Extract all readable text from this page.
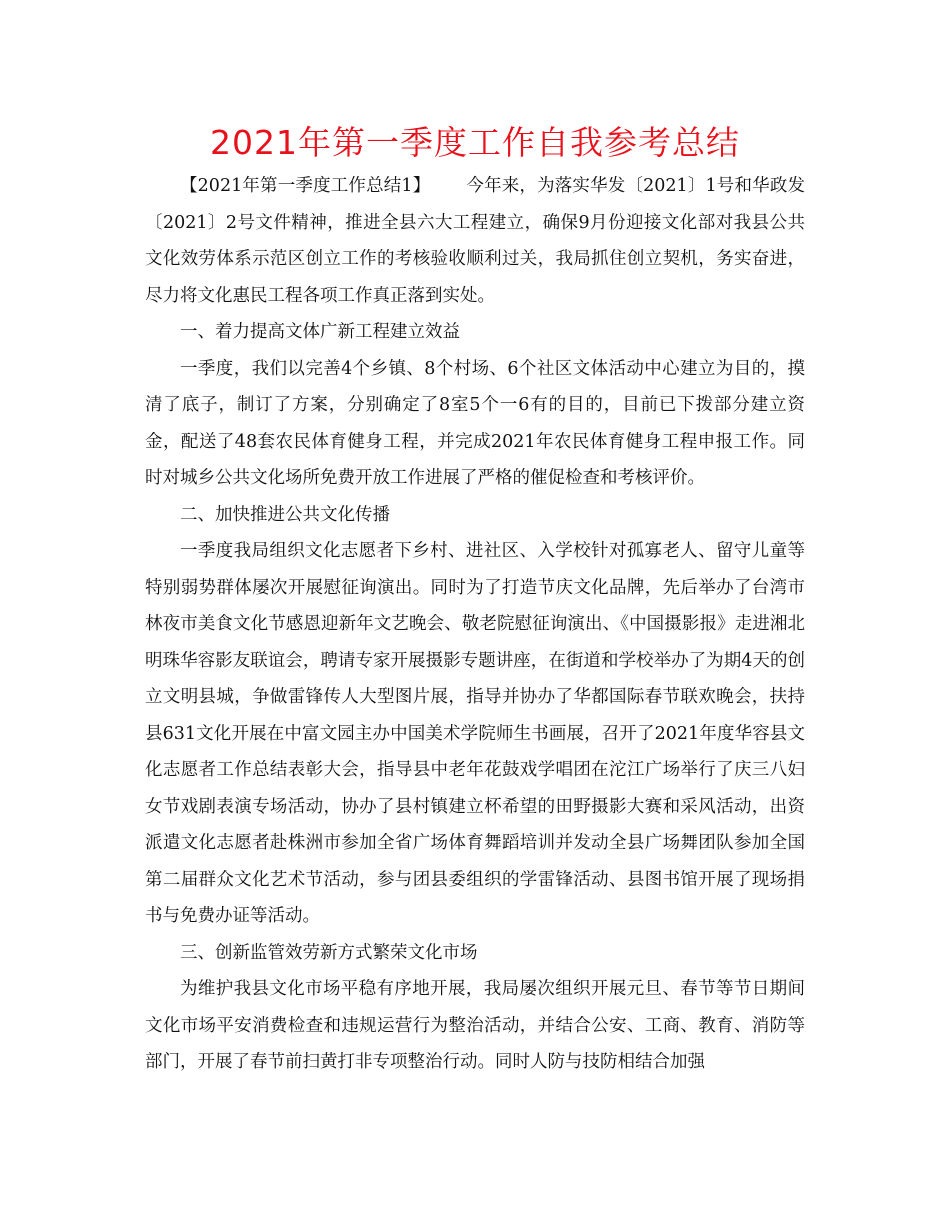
2021年第一季度工作自我参考总结

【2021年第一季度工作总结1】 今年来，为落实华发〔2021〕1号和华政发〔2021〕2号文件精神，推进全县六大工程建立，确保9月份迎接文化部对我县公共文化效劳体系示范区创立工作的考核验收顺利过关，我局抓住创立契机，务实奋进，尽力将文化惠民工程各项工作真正落到实处。

一、着力提高文体广新工程建立效益

一季度，我们以完善4个乡镇、8个村场、6个社区文体活动中心建立为目的，摸清了底子，制订了方案，分别确定了8室5个一6有的目的，目前已下拨部分建立资金，配送了48套农民体育健身工程，并完成2021年农民体育健身工程申报工作。同时对城乡公共文化场所免费开放工作进展了严格的催促检查和考核评价。

二、加快推进公共文化传播

一季度我局组织文化志愿者下乡村、进社区、入学校针对孤寡老人、留守儿童等特别弱势群体屡次开展慰征询演出。同时为了打造节庆文化品牌，先后举办了台湾市林夜市美食文化节感恩迎新年文艺晚会、敬老院慰征询演出、《中国摄影报》走进湘北明珠华容影友联谊会，聘请专家开展摄影专题讲座，在街道和学校举办了为期4天的创立文明县城，争做雷锋传人大型图片展，指导并协办了华都国际春节联欢晚会，扶持县631文化开展在中富文园主办中国美术学院师生书画展，召开了2021年度华容县文化志愿者工作总结表彰大会，指导县中老年花鼓戏学唱团在沱江广场举行了庆三八妇女节戏剧表演专场活动，协办了县村镇建立杯希望的田野摄影大赛和采风活动，出资派遣文化志愿者赴株洲市参加全省广场体育舞蹈培训并发动全县广场舞团队参加全国第二届群众文化艺术节活动，参与团县委组织的学雷锋活动、县图书馆开展了现场捐书与免费办证等活动。

三、创新监管效劳新方式繁荣文化市场

为维护我县文化市场平稳有序地开展，我局屡次组织开展元旦、春节等节日期间文化市场平安消费检查和违规运营行为整治活动，并结合公安、工商、教育、消防等部门，开展了春节前扫黄打非专项整治行动。同时人防与技防相结合加强
